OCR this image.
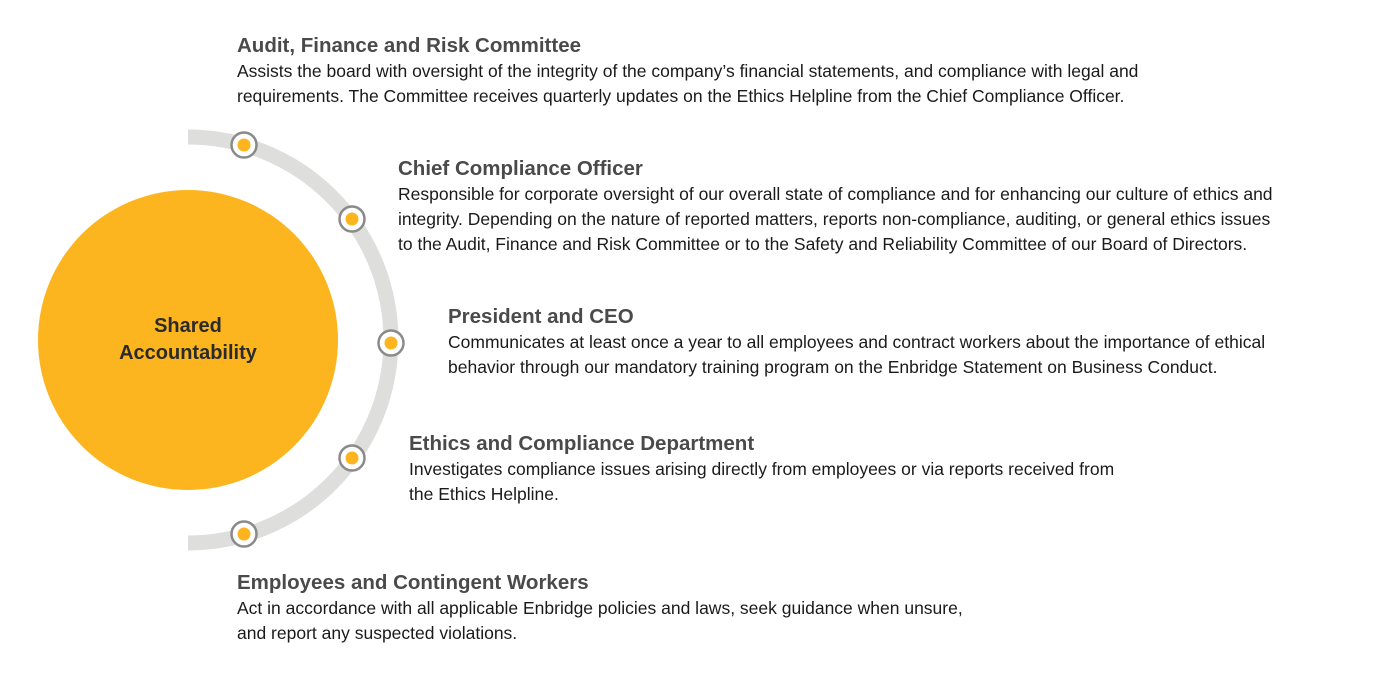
Shared
Accountability
Audit, Finance and Risk Committee
Assists the board with oversight of the integrity of the company’s financial statements, and compliance with legal and
requirements. The Committee receives quarterly updates on the Ethics Helpline from the Chief Compliance Officer.
Chief Compliance Officer
Responsible for corporate oversight of our overall state of compliance and for enhancing our culture of ethics and
integrity. Depending on the nature of reported matters, reports non-compliance, auditing, or general ethics issues
to the Audit, Finance and Risk Committee or to the Safety and Reliability Committee of our Board of Directors.
President and CEO
Communicates at least once a year to all employees and contract workers about the importance of ethical
behavior through our mandatory training program on the Enbridge Statement on Business Conduct.
Ethics and Compliance Department
Investigates compliance issues arising directly from employees or via reports received from
the Ethics Helpline.
Employees and Contingent Workers
Act in accordance with all applicable Enbridge policies and laws, seek guidance when unsure,
and report any suspected violations.
